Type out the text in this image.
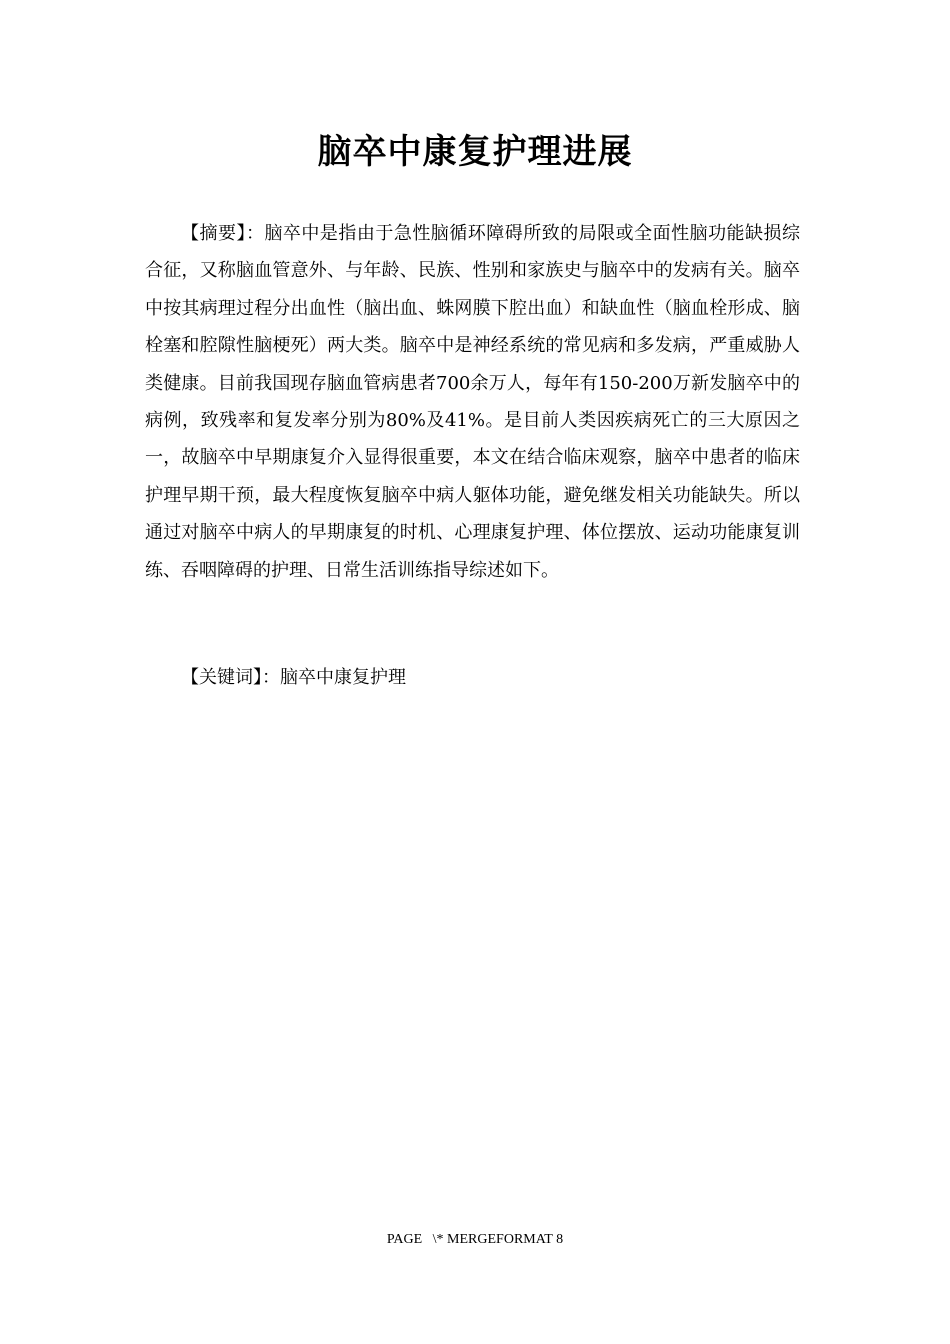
脑卒中康复护理进展

【摘要】：脑卒中是指由于急性脑循环障碍所致的局限或全面性脑功能缺损综合征，又称脑血管意外、与年龄、民族、性别和家族史与脑卒中的发病有关。脑卒中按其病理过程分出血性（脑出血、蛛网膜下腔出血）和缺血性（脑血栓形成、脑栓塞和腔隙性脑梗死）两大类。脑卒中是神经系统的常见病和多发病，严重威胁人类健康。目前我国现存脑血管病患者700余万人，每年有150-200万新发脑卒中的病例，致残率和复发率分别为80%及41%。是目前人类因疾病死亡的三大原因之一，故脑卒中早期康复介入显得很重要，本文在结合临床观察，脑卒中患者的临床护理早期干预，最大程度恢复脑卒中病人躯体功能，避免继发相关功能缺失。所以通过对脑卒中病人的早期康复的时机、心理康复护理、体位摆放、运动功能康复训练、吞咽障碍的护理、日常生活训练指导综述如下。

【关键词】：脑卒中康复护理

PAGE   \* MERGEFORMAT 8
